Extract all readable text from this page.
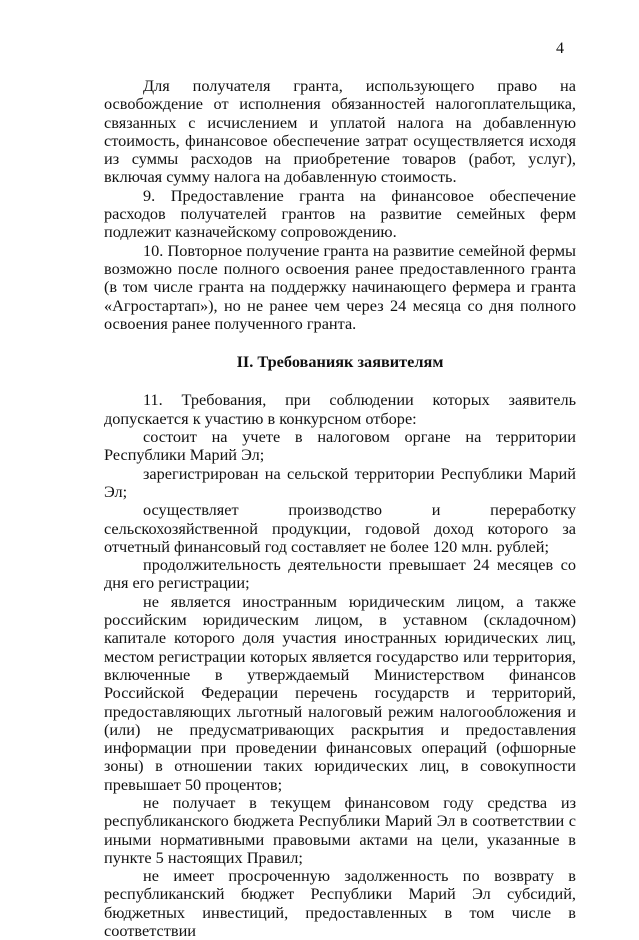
4

Для получателя гранта, использующего право на освобождение от исполнения обязанностей налогоплательщика, связанных с исчислением и уплатой налога на добавленную стоимость, финансовое обеспечение затрат осуществляется исходя из суммы расходов на приобретение товаров (работ, услуг), включая сумму налога на добавленную стоимость.

9. Предоставление гранта на финансовое обеспечение расходов получателей грантов на развитие семейных ферм подлежит казначейскому сопровождению.

10. Повторное получение гранта на развитие семейной фермы возможно после полного освоения ранее предоставленного гранта (в том числе гранта на поддержку начинающего фермера и гранта «Агростартап»), но не ранее чем через 24 месяца со дня полного освоения ранее полученного гранта.

II. Требованияк заявителям

11. Требования, при соблюдении которых заявитель допускается к участию в конкурсном отборе:

состоит на учете в налоговом органе на территории Республики Марий Эл;

зарегистрирован на сельской территории Республики Марий Эл;

осуществляет производство и переработку сельскохозяйственной продукции, годовой доход которого за отчетный финансовый год составляет не более 120 млн. рублей;

продолжительность деятельности превышает 24 месяцев со дня его регистрации;

не является иностранным юридическим лицом, а также российским юридическим лицом, в уставном (складочном) капитале которого доля участия иностранных юридических лиц, местом регистрации которых является государство или территория, включенные в утверждаемый Министерством финансов Российской Федерации перечень государств и территорий, предоставляющих льготный налоговый режим налогообложения и (или) не предусматривающих раскрытия и предоставления информации при проведении финансовых операций (офшорные зоны) в отношении таких юридических лиц, в совокупности превышает 50 процентов;

не получает в текущем финансовом году средства из республиканского бюджета Республики Марий Эл в соответствии с иными нормативными правовыми актами на цели, указанные в пункте 5 настоящих Правил;

не имеет просроченную задолженность по возврату в республиканский бюджет Республики Марий Эл субсидий, бюджетных инвестиций, предоставленных в том числе в соответствии
